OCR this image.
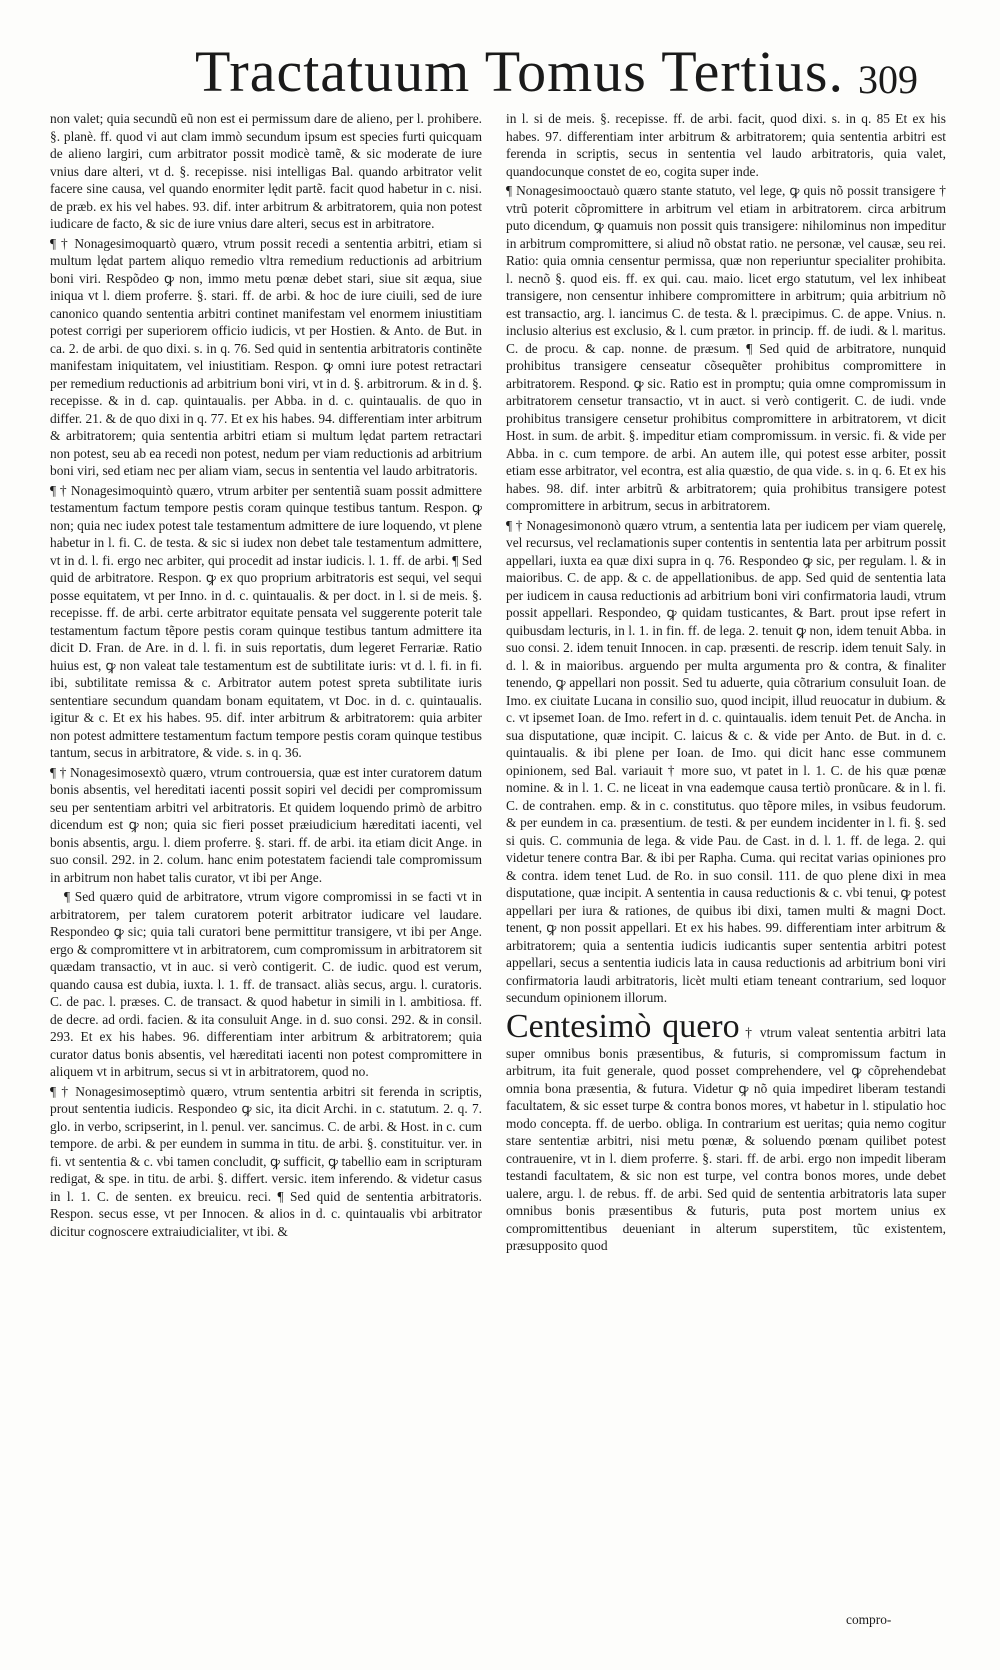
Tractatuum Tomus Tertius. 309

non valet; quia secundũ eũ non est ei permissum dare de alieno, per l. prohibere. §. planè. ff. quod vi aut clam immò secundum ipsum est species furti quicquam de alieno largiri, cum arbitrator possit modicè tamẽ, & sic moderate de iure vnius dare alteri, vt d. §. recepisse. nisi intelligas Bal. quando arbitrator velit facere sine causa, vel quando enormiter lędit partẽ. facit quod habetur in c. nisi. de præb. ex his vel habes. 93. dif. inter arbitrum & arbitratorem, quia non potest iudicare de facto, & sic de iure vnius dare alteri, secus est in arbitratore.

¶ † Nonagesimoquartò quæro, vtrum possit recedi a sententia arbitri, etiam si multum lędat partem aliquo remedio vltra remedium reductionis ad arbitrium boni viri. Respõdeo ꝙ non, immo metu pœnæ debet stari, siue sit æqua, siue iniqua vt l. diem proferre. §. stari. ff. de arbi. & hoc de iure ciuili, sed de iure canonico quando sententia arbitri continet manifestam vel enormem iniustitiam potest corrigi per superiorem officio iudicis, vt per Hostien. & Anto. de But. in ca. 2. de arbi. de quo dixi. s. in q. 76. Sed quid in sententia arbitratoris continẽte manifestam iniquitatem, vel iniustitiam. Respon. ꝙ omni iure potest retractari per remedium reductionis ad arbitrium boni viri, vt in d. §. arbitrorum. & in d. §. recepisse. & in d. cap. quintaualis. per Abba. in d. c. quintaualis. de quo in differ. 21. & de quo dixi in q. 77. Et ex his habes. 94. differentiam inter arbitrum & arbitratorem; quia sententia arbitri etiam si multum lędat partem retractari non potest, seu ab ea recedi non potest, nedum per viam reductionis ad arbitrium boni viri, sed etiam nec per aliam viam, secus in sententia vel laudo arbitratoris.

¶ † Nonagesimoquintò quæro, vtrum arbiter per sententiã suam possit admittere testamentum factum tempore pestis coram quinque testibus tantum. Respon. ꝙ non; quia nec iudex potest tale testamentum admittere de iure loquendo, vt plene habetur in l. fi. C. de testa. & sic si iudex non debet tale testamentum admittere, vt in d. l. fi. ergo nec arbiter, qui procedit ad instar iudicis. l. 1. ff. de arbi. ¶ Sed quid de arbitratore. Respon. ꝙ ex quo proprium arbitratoris est sequi, vel sequi posse equitatem, vt per Inno. in d. c. quintaualis. & per doct. in l. si de meis. §. recepisse. ff. de arbi. certe arbitrator equitate pensata vel suggerente poterit tale testamentum factum tẽpore pestis coram quinque testibus tantum admittere ita dicit D. Fran. de Are. in d. l. fi. in suis reportatis, dum legeret Ferrariæ. Ratio huius est, ꝙ non valeat tale testamentum est de subtilitate iuris: vt d. l. fi. in fi. ibi, subtilitate remissa & c. Arbitrator autem potest spreta subtilitate iuris sententiare secundum quandam bonam equitatem, vt Doc. in d. c. quintaualis. igitur & c. Et ex his habes. 95. dif. inter arbitrum & arbitratorem: quia arbiter non potest admittere testamentum factum tempore pestis coram quinque testibus tantum, secus in arbitratore, & vide. s. in q. 36.

¶ † Nonagesimosextò quæro, vtrum controuersia, quæ est inter curatorem datum bonis absentis, vel hereditati iacenti possit sopiri vel decidi per compromissum seu per sententiam arbitri vel arbitratoris. Et quidem loquendo primò de arbitro dicendum est ꝙ non; quia sic fieri posset præiudicium hæreditati iacenti, vel bonis absentis, argu. l. diem proferre. §. stari. ff. de arbi. ita etiam dicit Ange. in suo consil. 292. in 2. colum. hanc enim potestatem faciendi tale compromissum in arbitrum non habet talis curator, vt ibi per Ange.

¶ Sed quæro quid de arbitratore, vtrum vigore compromissi in se facti vt in arbitratorem, per talem curatorem poterit arbitrator iudicare vel laudare. Respondeo ꝙ sic; quia tali curatori bene permittitur transigere, vt ibi per Ange. ergo & compromittere vt in arbitratorem, cum compromissum in arbitratorem sit quædam transactio, vt in auc. si verò contigerit. C. de iudic. quod est verum, quando causa est dubia, iuxta. l. 1. ff. de transact. aliàs secus, argu. l. curatoris. C. de pac. l. præses. C. de transact. & quod habetur in simili in l. ambitiosa. ff. de decre. ad ordi. facien. & ita consuluit Ange. in d. suo consi. 292. & in consil. 293. Et ex his habes. 96. differentiam inter arbitrum & arbitratorem; quia curator datus bonis absentis, vel hæreditati iacenti non potest compromittere in aliquem vt in arbitrum, secus si vt in arbitratorem, quod no.

¶ † Nonagesimoseptimò quæro, vtrum sententia arbitri sit ferenda in scriptis, prout sententia iudicis. Respondeo ꝙ sic, ita dicit Archi. in c. statutum. 2. q. 7. glo. in verbo, scripserint, in l. penul. ver. sancimus. C. de arbi. & Host. in c. cum tempore. de arbi. & per eundem in summa in titu. de arbi. §. constituitur. ver. in fi. vt sententia & c. vbi tamen concludit, ꝙ sufficit, ꝙ tabellio eam in scripturam redigat, & spe. in titu. de arbi. §. differt. versic. item inferendo. & videtur casus in l. 1. C. de senten. ex breuicu. reci. ¶ Sed quid de sententia arbitratoris. Respon. secus esse, vt per Innocen. & alios in d. c. quintaualis vbi arbitrator dicitur cognoscere extraiudicialiter, vt ibi. &

in l. si de meis. §. recepisse. ff. de arbi. facit, quod dixi. s. in q. 85 Et ex his habes. 97. differentiam inter arbitrum & arbitratorem; quia sententia arbitri est ferenda in scriptis, secus in sententia vel laudo arbitratoris, quia valet, quandocunque constet de eo, cogita super inde.

¶ Nonagesimooctauò quæro stante statuto, vel lege, ꝙ quis nõ possit transigere † vtrũ poterit cõpromittere in arbitrum vel etiam in arbitratorem. circa arbitrum puto dicendum, ꝙ quamuis non possit quis transigere: nihilominus non impeditur in arbitrum compromittere, si aliud nõ obstat ratio. ne personæ, vel causæ, seu rei. Ratio: quia omnia censentur permissa, quæ non reperiuntur specialiter prohibita. l. necnõ §. quod eis. ff. ex qui. cau. maio. licet ergo statutum, vel lex inhibeat transigere, non censentur inhibere compromittere in arbitrum; quia arbitrium nõ est transactio, arg. l. iancimus C. de testa. & l. præcipimus. C. de appe. Vnius. n. inclusio alterius est exclusio, & l. cum prætor. in princip. ff. de iudi. & l. maritus. C. de procu. & cap. nonne. de præsum. ¶ Sed quid de arbitratore, nunquid prohibitus transigere censeatur cõsequẽter prohibitus compromittere in arbitratorem. Respond. ꝙ sic. Ratio est in promptu; quia omne compromissum in arbitratorem censetur transactio, vt in auct. si verò contigerit. C. de iudi. vnde prohibitus transigere censetur prohibitus compromittere in arbitratorem, vt dicit Host. in sum. de arbit. §. impeditur etiam compromissum. in versic. fi. & vide per Abba. in c. cum tempore. de arbi. An autem ille, qui potest esse arbiter, possit etiam esse arbitrator, vel econtra, est alia quæstio, de qua vide. s. in q. 6. Et ex his habes. 98. dif. inter arbitrũ & arbitratorem; quia prohibitus transigere potest compromittere in arbitrum, secus in arbitratorem.

¶ † Nonagesimononò quæro vtrum, a sententia lata per iudicem per viam querelę, vel recursus, vel reclamationis super contentis in sententia lata per arbitrum possit appellari, iuxta ea quæ dixi supra in q. 76. Respondeo ꝙ sic, per regulam. l. & in maioribus. C. de app. & c. de appellationibus. de app. Sed quid de sententia lata per iudicem in causa reductionis ad arbitrium boni viri confirmatoria laudi, vtrum possit appellari. Respondeo, ꝙ quidam tusticantes, & Bart. prout ipse refert in quibusdam lecturis, in l. 1. in fin. ff. de lega. 2. tenuit ꝙ non, idem tenuit Abba. in suo consi. 2. idem tenuit Innocen. in cap. præsenti. de rescrip. idem tenuit Saly. in d. l. & in maioribus. arguendo per multa argumenta pro & contra, & finaliter tenendo, ꝙ appellari non possit. Sed tu aduerte, quia cõtrarium consuluit Ioan. de Imo. ex ciuitate Lucana in consilio suo, quod incipit, illud reuocatur in dubium. & c. vt ipsemet Ioan. de Imo. refert in d. c. quintaualis. idem tenuit Pet. de Ancha. in sua disputatione, quæ incipit. C. laicus & c. & vide per Anto. de But. in d. c. quintaualis. & ibi plene per Ioan. de Imo. qui dicit hanc esse communem opinionem, sed Bal. variauit † more suo, vt patet in l. 1. C. de his quæ pœnæ nomine. & in l. 1. C. ne liceat in vna eademque causa tertiò pronũcare. & in l. fi. C. de contrahen. emp. & in c. constitutus. quo tẽpore miles, in vsibus feudorum. & per eundem in ca. præsentium. de testi. & per eundem incidenter in l. fi. §. sed si quis. C. communia de lega. & vide Pau. de Cast. in d. l. 1. ff. de lega. 2. qui videtur tenere contra Bar. & ibi per Rapha. Cuma. qui recitat varias opiniones pro & contra. idem tenet Lud. de Ro. in suo consil. 111. de quo plene dixi in mea disputatione, quæ incipit. A sententia in causa reductionis & c. vbi tenui, ꝙ potest appellari per iura & rationes, de quibus ibi dixi, tamen multi & magni Doct. tenent, ꝙ non possit appellari. Et ex his habes. 99. differentiam inter arbitrum & arbitratorem; quia a sententia iudicis iudicantis super sententia arbitri potest appellari, secus a sententia iudicis lata in causa reductionis ad arbitrium boni viri confirmatoria laudi arbitratoris, licèt multi etiam teneant contrarium, sed loquor secundum opinionem illorum.

Centesimò quero † vtrum valeat sententia arbitri lata super omnibus bonis præsentibus, & futuris, si compromissum factum in arbitrum, ita fuit generale, quod posset comprehendere, vel ꝙ cõprehendebat omnia bona præsentia, & futura. Videtur ꝙ nõ quia impediret liberam testandi facultatem, & sic esset turpe & contra bonos mores, vt habetur in l. stipulatio hoc modo concepta. ff. de uerbo. obliga. In contrarium est ueritas; quia nemo cogitur stare sententiæ arbitri, nisi metu pœnæ, & soluendo pœnam quilibet potest contrauenire, vt in l. diem proferre. §. stari. ff. de arbi. ergo non impedit liberam testandi facultatem, & sic non est turpe, vel contra bonos mores, unde debet ualere, argu. l. de rebus. ff. de arbi. Sed quid de sententia arbitratoris lata super omnibus bonis præsentibus & futuris, puta post mortem unius ex compromittentibus deueniant in alterum superstitem, tũc existentem, præsupposito quod

compro-
